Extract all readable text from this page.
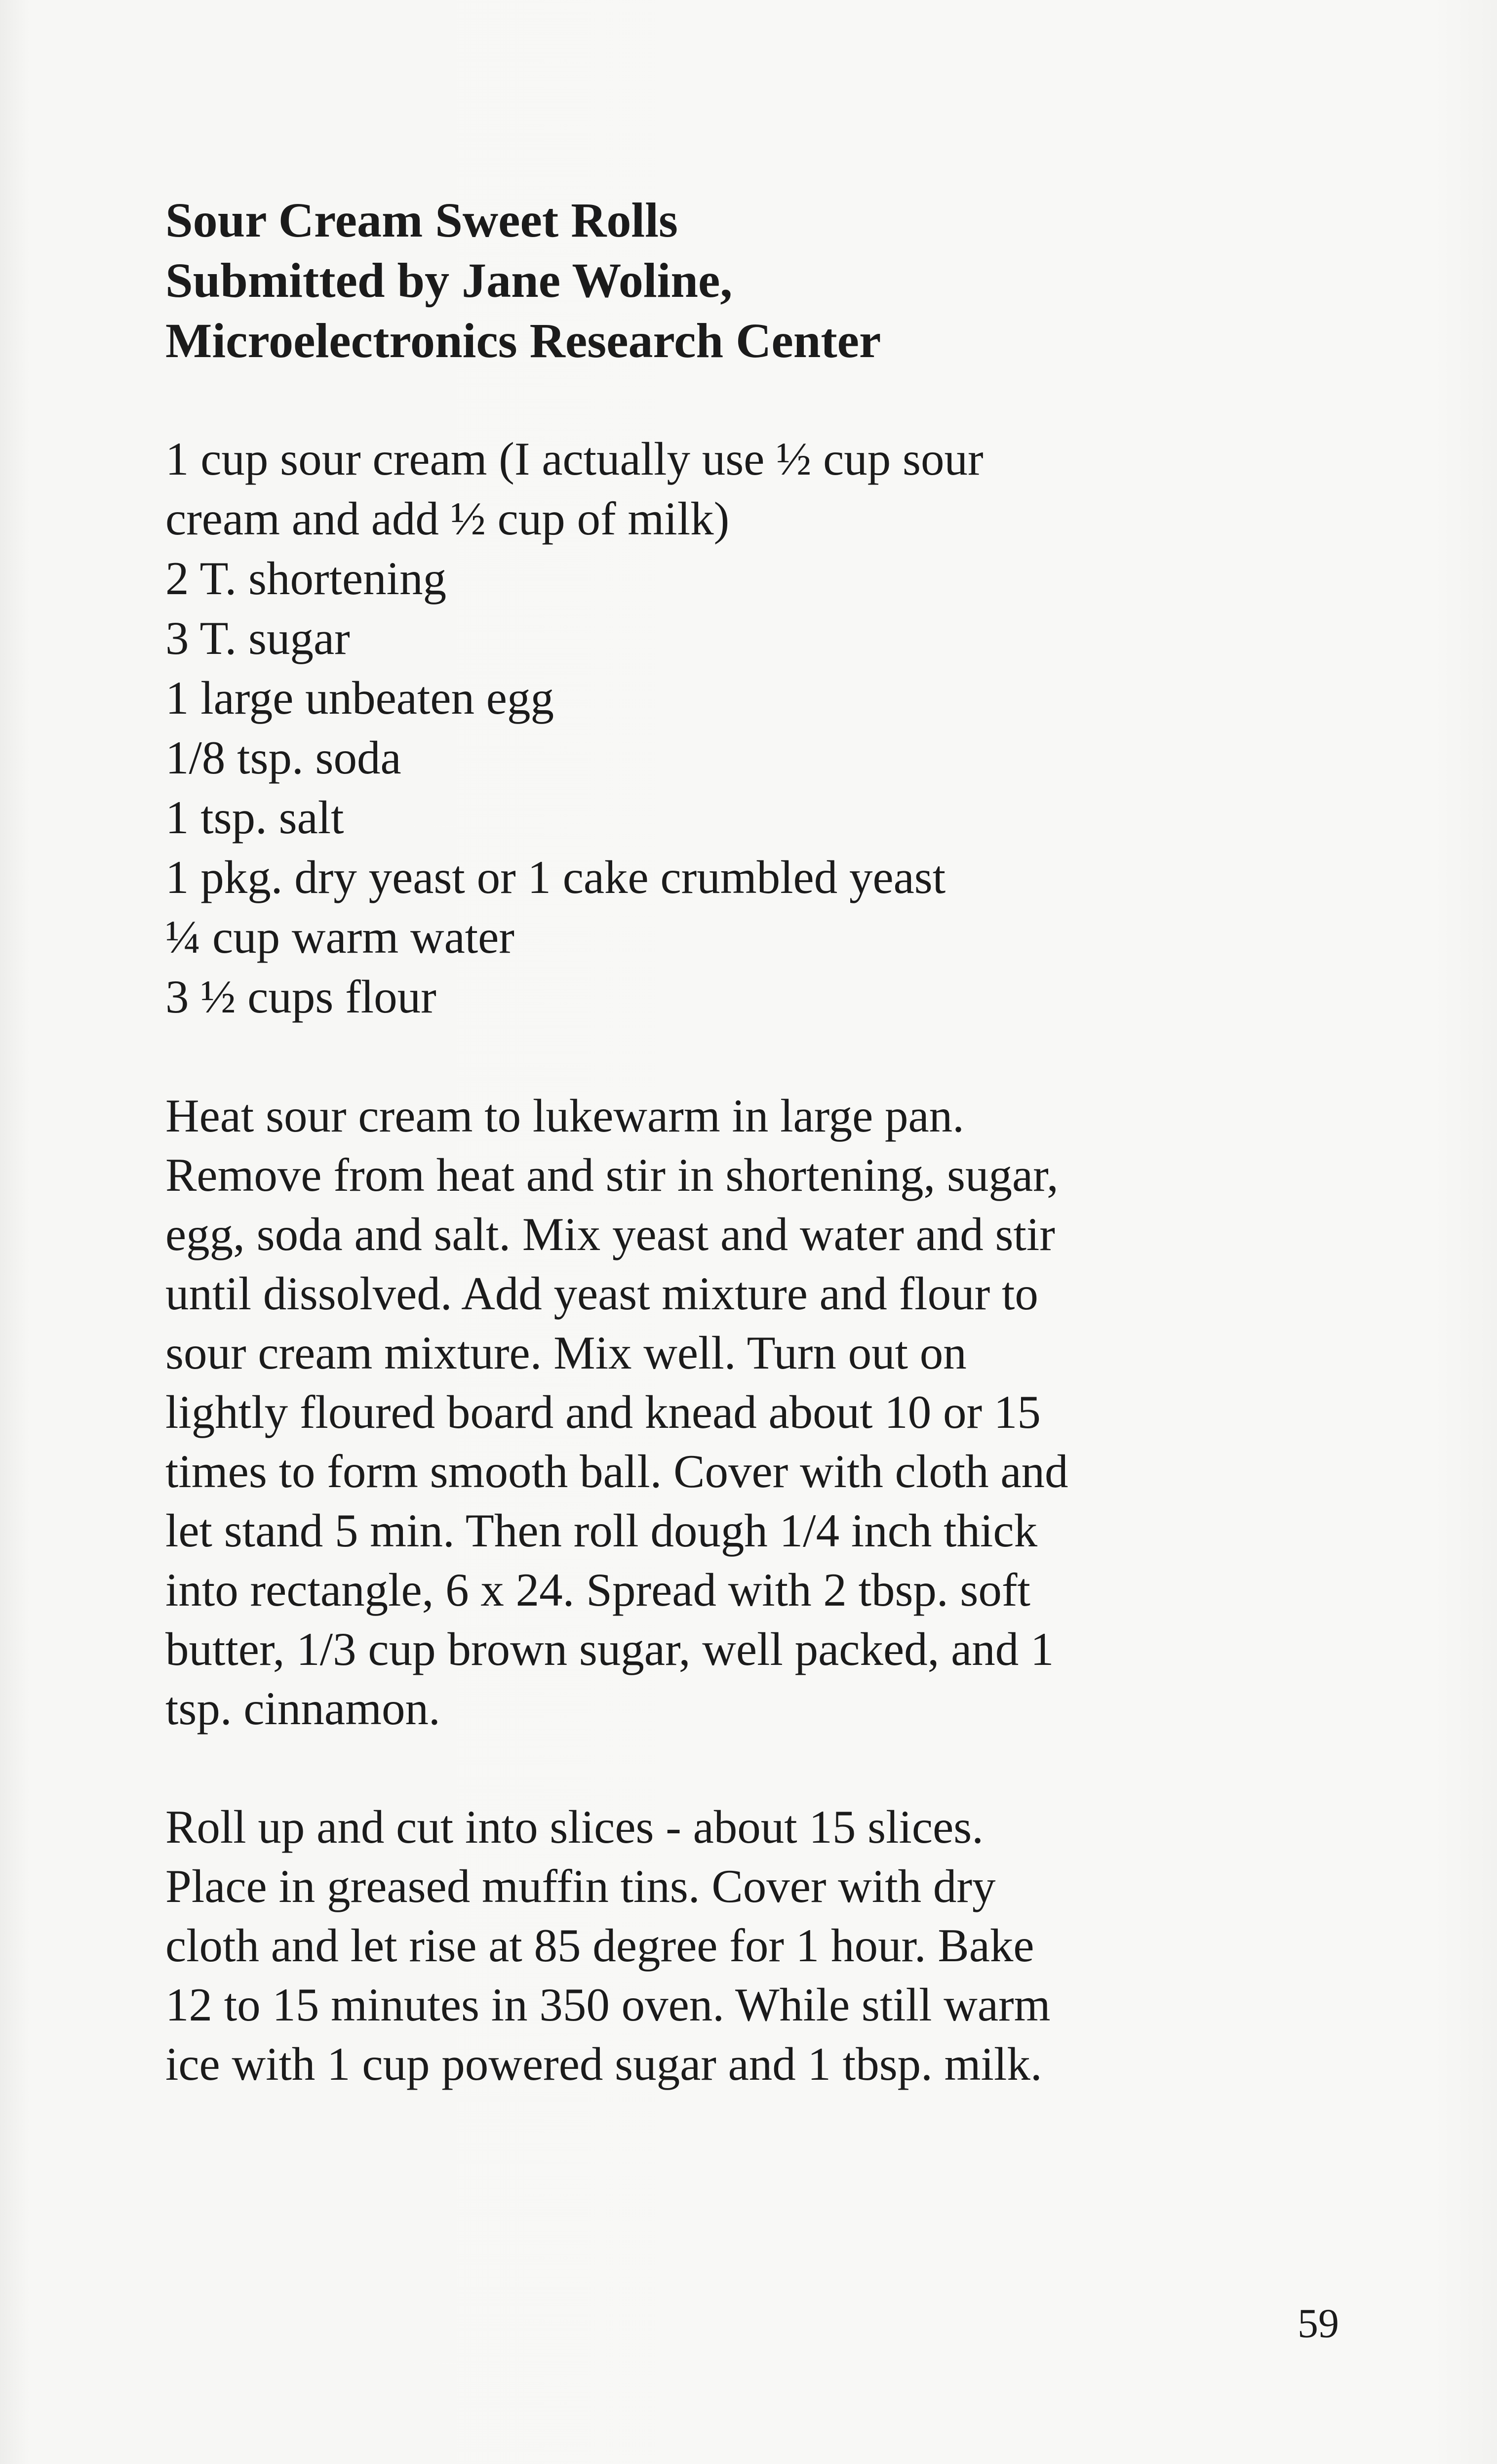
Sour Cream Sweet Rolls

Submitted by Jane Woline,

Microelectronics Research Center

1 cup sour cream (I actually use ½ cup sour
cream and add ½ cup of milk)
2 T. shortening
3 T. sugar
1 large unbeaten egg
1/8 tsp. soda
1 tsp. salt
1 pkg. dry yeast or 1 cake crumbled yeast
¼ cup warm water
3 ½ cups flour
Heat sour cream to lukewarm in large pan.
Remove from heat and stir in shortening, sugar,
egg, soda and salt. Mix yeast and water and stir
until dissolved. Add yeast mixture and flour to
sour cream mixture. Mix well. Turn out on
lightly floured board and knead about 10 or 15
times to form smooth ball. Cover with cloth and
let stand 5 min. Then roll dough 1/4 inch thick
into rectangle, 6 x 24. Spread with 2 tbsp. soft
butter, 1/3 cup brown sugar, well packed, and 1
tsp. cinnamon.
Roll up and cut into slices - about 15 slices.
Place in greased muffin tins. Cover with dry
cloth and let rise at 85 degree for 1 hour. Bake
12 to 15 minutes in 350 oven. While still warm
ice with 1 cup powered sugar and 1 tbsp. milk.
59
